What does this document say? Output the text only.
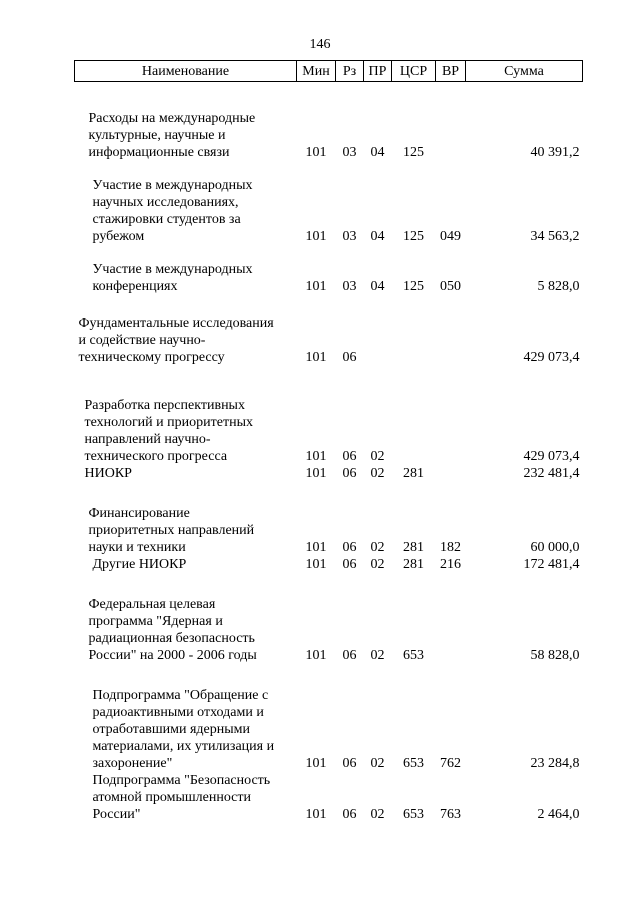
146
Наименование	Мин	Рз	ПР	ЦСР	ВР	Сумма
Расходы на международные
культурные, научные и
информационные связи	101	03	04	125		40 391,2
Участие в международных
научных исследованиях,
стажировки студентов за
рубежом	101	03	04	125	049	34 563,2
Участие в международных
конференциях	101	03	04	125	050	5 828,0
Фундаментальные исследования
и содействие научно-
техническому прогрессу	101	06				429 073,4
Разработка перспективных
технологий и приоритетных
направлений научно-
технического прогресса	101	06	02			429 073,4
НИОКР	101	06	02	281		232 481,4
Финансирование
приоритетных направлений
науки и техники	101	06	02	281	182	60 000,0
Другие НИОКР	101	06	02	281	216	172 481,4
Федеральная целевая
программа "Ядерная и
радиационная безопасность
России" на 2000 - 2006 годы	101	06	02	653		58 828,0
Подпрограмма "Обращение с
радиоактивными отходами и
отработавшими ядерными
материалами, их утилизация и
захоронение"	101	06	02	653	762	23 284,8
Подпрограмма "Безопасность
атомной промышленности
России"	101	06	02	653	763	2 464,0
